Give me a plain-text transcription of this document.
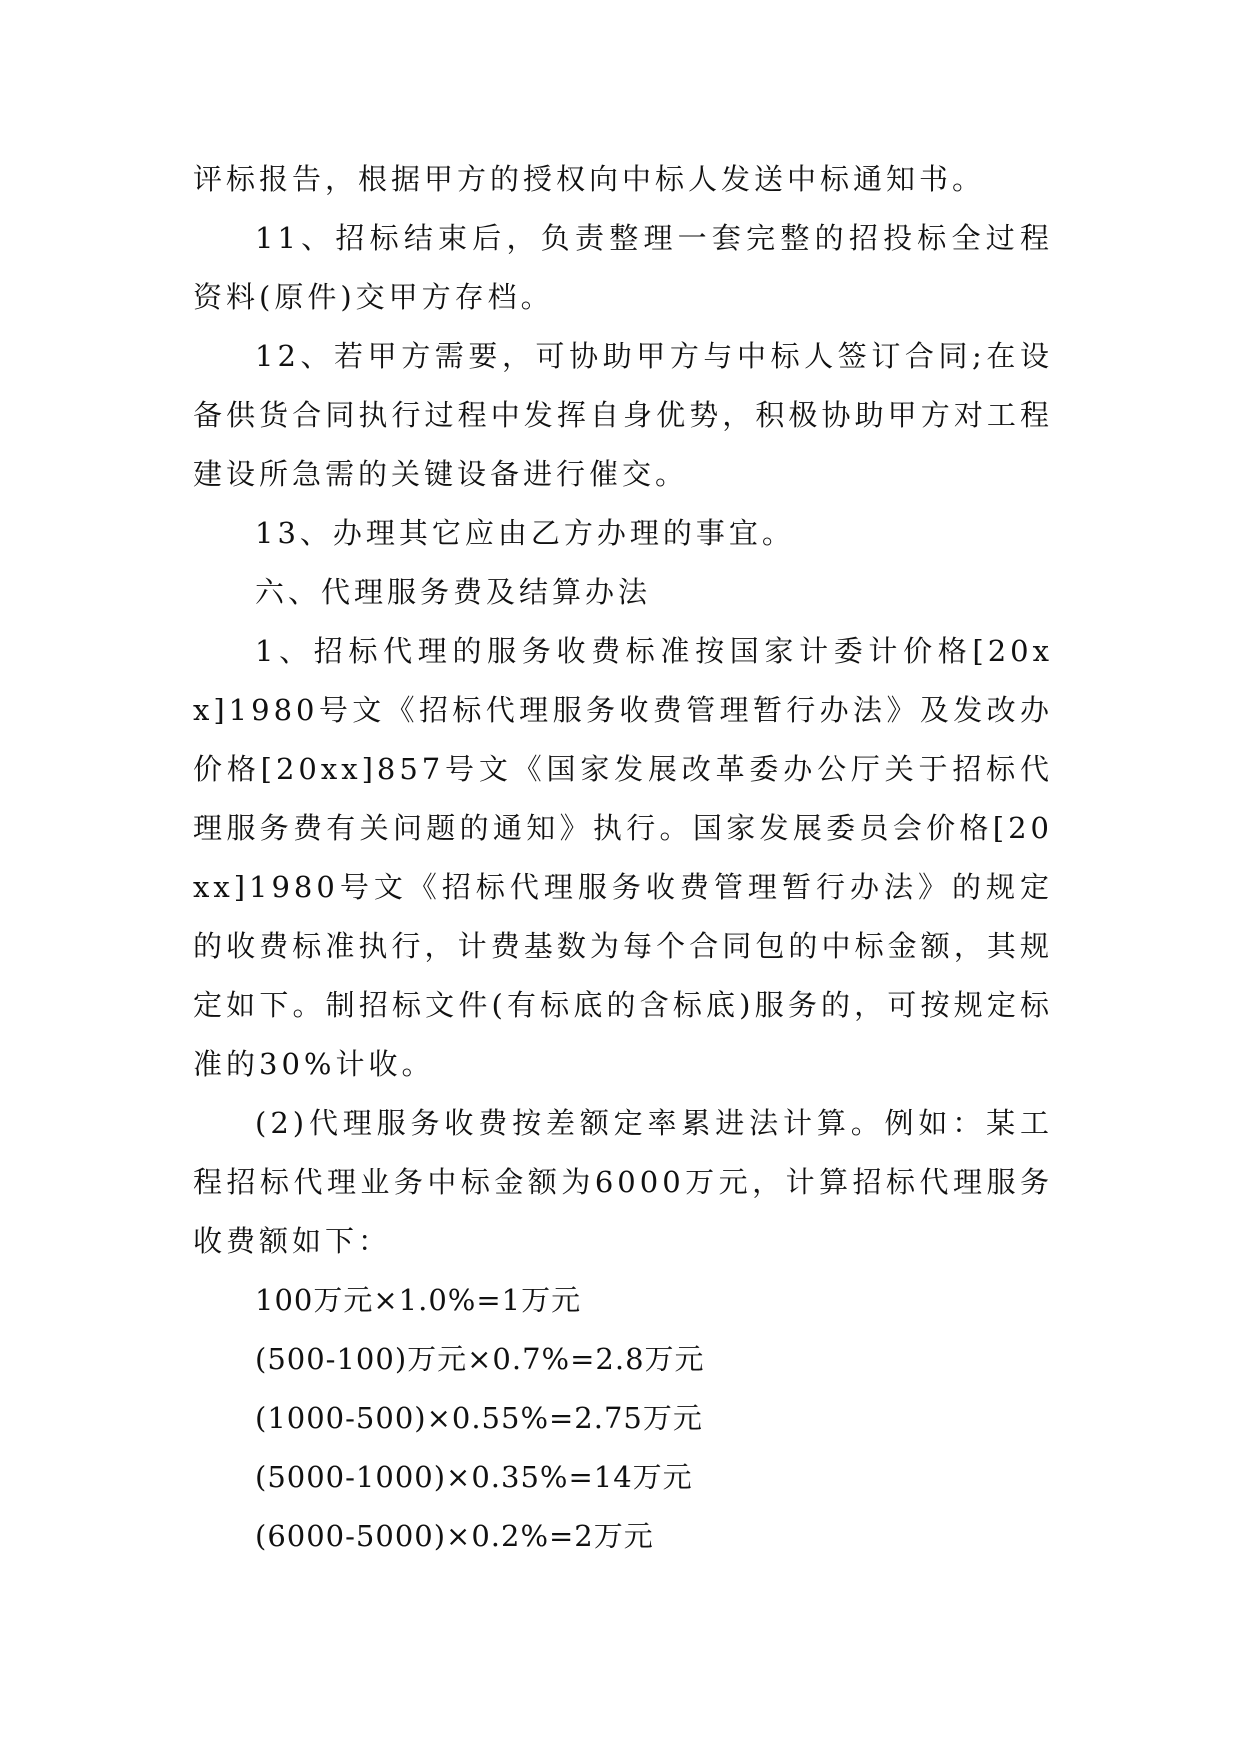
评标报告，根据甲方的授权向中标人发送中标通知书。

11、招标结束后，负责整理一套完整的招投标全过程资料(原件)交甲方存档。

12、若甲方需要，可协助甲方与中标人签订合同;在设备供货合同执行过程中发挥自身优势，积极协助甲方对工程建设所急需的关键设备进行催交。

13、办理其它应由乙方办理的事宜。

六、代理服务费及结算办法

1、招标代理的服务收费标准按国家计委计价格[20xx]1980号文《招标代理服务收费管理暂行办法》及发改办价格[20xx]857号文《国家发展改革委办公厅关于招标代理服务费有关问题的通知》执行。国家发展委员会价格[20xx]1980号文《招标代理服务收费管理暂行办法》的规定的收费标准执行，计费基数为每个合同包的中标金额，其规定如下。制招标文件(有标底的含标底)服务的，可按规定标准的30%计收。

(2)代理服务收费按差额定率累进法计算。例如：某工程招标代理业务中标金额为6000万元，计算招标代理服务收费额如下：

100万元×1.0%=1万元

(500-100)万元×0.7%=2.8万元

(1000-500)×0.55%=2.75万元

(5000-1000)×0.35%=14万元

(6000-5000)×0.2%=2万元
